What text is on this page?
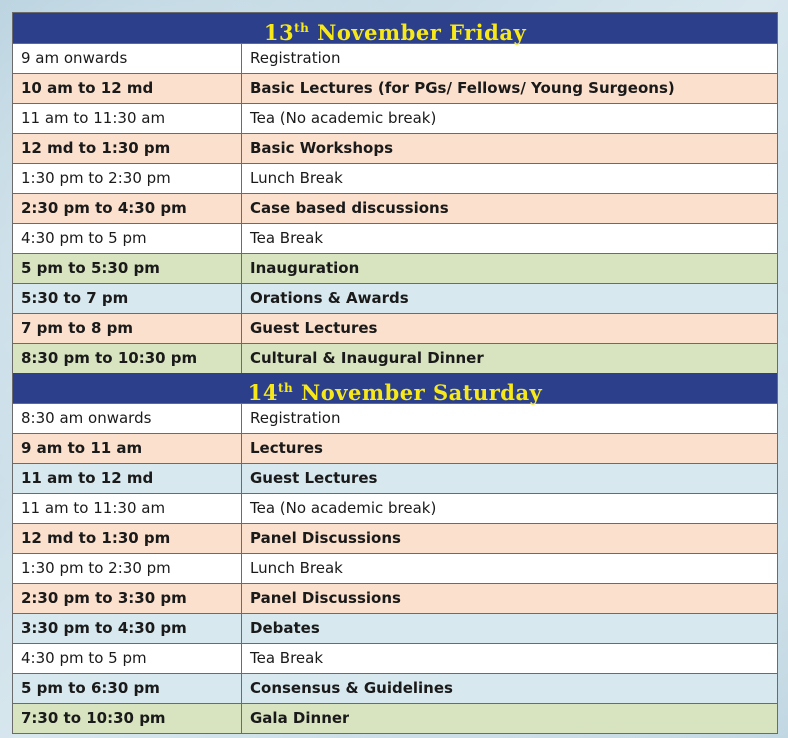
13th November Friday
9 am onwards	Registration
10 am to 12 md	Basic Lectures (for PGs/ Fellows/ Young Surgeons)
11 am to 11:30 am	Tea (No academic break)
12 md to 1:30 pm	Basic Workshops
1:30 pm to 2:30 pm	Lunch Break
2:30 pm to 4:30 pm	Case based discussions
4:30 pm to 5 pm	Tea Break
5 pm to 5:30 pm	Inauguration
5:30 to 7 pm	Orations & Awards
7 pm to 8 pm	Guest Lectures
8:30 pm to 10:30 pm	Cultural & Inaugural Dinner
14th November Saturday
8:30 am onwards	Registration
9 am to 11 am	Lectures
11 am to 12 md	Guest Lectures
11 am to 11:30 am	Tea (No academic break)
12 md to 1:30 pm	Panel Discussions
1:30 pm to 2:30 pm	Lunch Break
2:30 pm to 3:30 pm	Panel Discussions
3:30 pm to 4:30 pm	Debates
4:30 pm to 5 pm	Tea Break
5 pm to 6:30 pm	Consensus & Guidelines
7:30 to 10:30 pm	Gala Dinner
